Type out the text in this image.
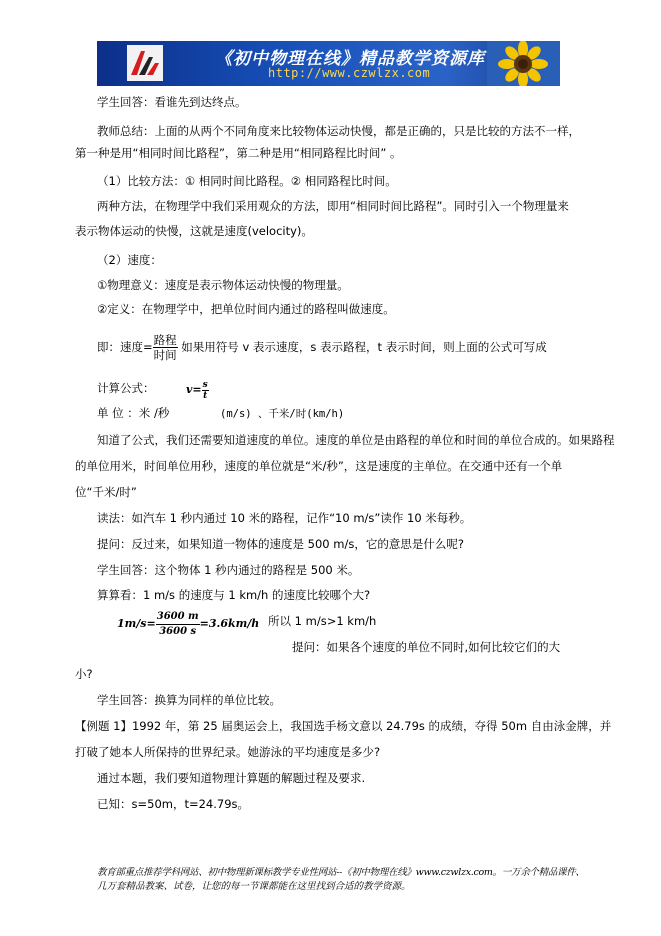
《初中物理在线》精品教学资源库
http://www.czwlzx.com
学生回答：看谁先到达终点。
教师总结：上面的从两个不同角度来比较物体运动快慢，都是正确的，只是比较的方法不一样，
第一种是用“相同时间比路程”，第二种是用“相同路程比时间” 。
（1）比较方法：① 相同时间比路程。② 相同路程比时间。
两种方法，在物理学中我们采用观众的方法，即用“相同时间比路程”。同时引入一个物理量来
表示物体运动的快慢，这就是速度(velocity)。
（2）速度：
①物理意义：速度是表示物体运动快慢的物理量。
②定义：在物理学中，把单位时间内通过的路程叫做速度。
即：速度= $\frac{\text{路程}}{\text{时间}}$ 如果用符号 v 表示速度，s 表示路程，t 表示时间，则上面的公式可写成
计算公式：	$v= \frac{s}{t}$
单 位 ：米 /秒	(m/s) 、千米/时(km/h)
知道了公式，我们还需要知道速度的单位。速度的单位是由路程的单位和时间的单位合成的。如果路程
的单位用米，时间单位用秒，速度的单位就是“米/秒”，这是速度的主单位。在交通中还有一个单
位“千米/时”
读法：如汽车 1 秒内通过 10 米的路程，记作“10 m/s”读作 10 米每秒。
提问：反过来，如果知道一物体的速度是 500 m/s，它的意思是什么呢?
学生回答：这个物体 1 秒内通过的路程是 500 米。
算算看：1 m/s 的速度与 1 km/h 的速度比较哪个大?
$1m/s= \frac{3600 m}{3600 s} =3.6km/h$ 所以 1 m/s>1 km/h
提问：如果各个速度的单位不同时,如何比较它们的大
小?
学生回答：换算为同样的单位比较。
【例题 1】1992 年，第 25 届奥运会上，我国选手杨文意以 24.79s 的成绩，夺得 50m 自由泳金牌，并
打破了她本人所保持的世界纪录。她游泳的平均速度是多少?
通过本题，我们要知道物理计算题的解题过程及要求.
已知：s=50m，t=24.79s。
教育部重点推荐学科网站、初中物理新课标教学专业性网站--《初中物理在线》www.czwlzx.com。一万余个精品课件、
几万套精品教案、试卷，让您的每一节课都能在这里找到合适的教学资源。
